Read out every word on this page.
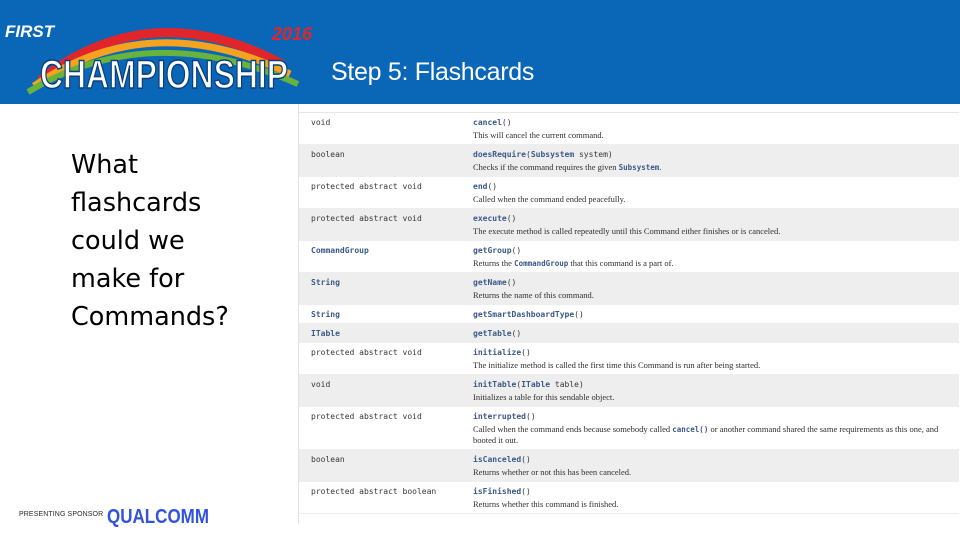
FIRST
CHAMPIONSHIP
2016
Step 5: Flashcards
What
flashcards
could we
make for
Commands?
void	cancel()
This will cancel the current command.
boolean	doesRequire(Subsystem system)
Checks if the command requires the given Subsystem.
protected abstract void	end()
Called when the command ended peacefully.
protected abstract void	execute()
The execute method is called repeatedly until this Command either finishes or is canceled.
CommandGroup	getGroup()
Returns the CommandGroup that this command is a part of.
String	getName()
Returns the name of this command.
String	getSmartDashboardType()
ITable	getTable()
protected abstract void	initialize()
The initialize method is called the first time this Command is run after being started.
void	initTable(ITable table)
Initializes a table for this sendable object.
protected abstract void	interrupted()
Called when the command ends because somebody called cancel() or another command shared the same requirements as this one, and booted it out.
boolean	isCanceled()
Returns whether or not this has been canceled.
protected abstract boolean	isFinished()
Returns whether this command is finished.
PRESENTING SPONSOR QUALCOMM
